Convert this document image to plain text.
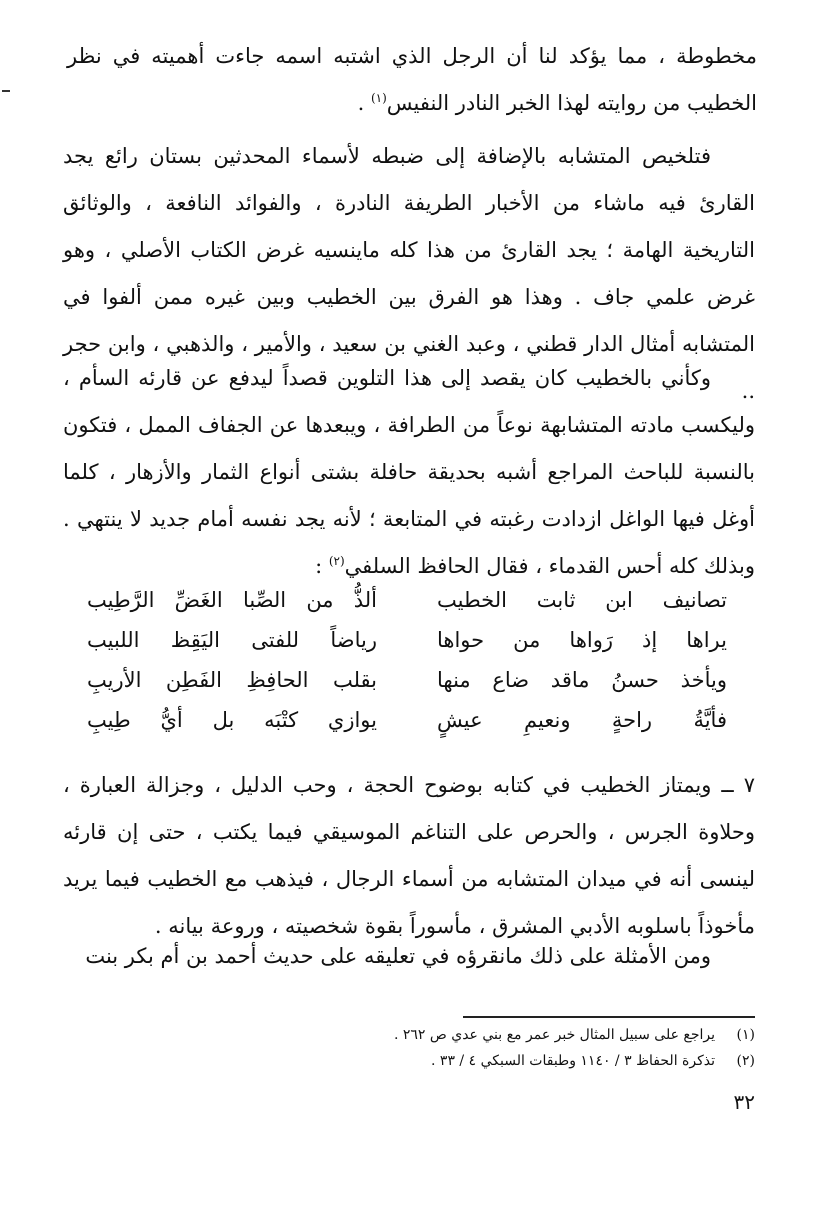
مخطوطة ، مما يؤكد لنا أن الرجل الذي اشتبه اسمه جاءت أهميته في نظر الخطيب من روايته لهذا الخبر النادر النفيس$^{(١)}$ .

فتلخيص المتشابه بالإضافة إلى ضبطه لأسماء المحدثين بستان رائع يجد القارئ فيه ماشاء من الأخبار الطريفة النادرة ، والفوائد النافعة ، والوثائق التاريخية الهامة ؛ يجد القارئ من هذا كله ماينسيه غرض الكتاب الأصلي ، وهو غرض علمي جاف . وهذا هو الفرق بين الخطيب وبين غيره ممن ألفوا في المتشابه أمثال الدار قطني ، وعبد الغني بن سعيد ، والأمير ، والذهبي ، وابن حجر ..

وكأني بالخطيب كان يقصد إلى هذا التلوين قصداً ليدفع عن قارئه السأم ، وليكسب مادته المتشابهة نوعاً من الطرافة ، ويبعدها عن الجفاف الممل ، فتكون بالنسبة للباحث المراجع أشبه بحديقة حافلة بشتى أنواع الثمار والأزهار ، كلما أوغل فيها الواغل ازدادت رغبته في المتابعة ؛ لأنه يجد نفسه أمام جديد لا ينتهي . وبذلك كله أحس القدماء ، فقال الحافظ السلفي$^{(٢)}$ :

تصانيف ابن ثابت الخطيب
ألذُّ من الصِّبا الغَضِّ الرَّطِيب
يراها إذ رَواها من حواها
رياضاً للفتى اليَقِظ اللبيب
ويأخذ حسنُ ماقد ضاع منها
بقلب الحافِظِ الفَطِن الأريبِ
فأيَّةُ راحةٍ ونعيمِ عيشٍ
يوازي كتْبَه بل أيُّ طِيبِ

٧ ــ ويمتاز الخطيب في كتابه بوضوح الحجة ، وحب الدليل ، وجزالة العبارة ، وحلاوة الجرس ، والحرص على التناغم الموسيقي فيما يكتب ، حتى إن قارئه لينسى أنه في ميدان المتشابه من أسماء الرجال ، فيذهب مع الخطيب فيما يريد مأخوذاً باسلوبه الأدبي المشرق ، مأسوراً بقوة شخصيته ، وروعة بيانه .

ومن الأمثلة على ذلك مانقرؤه في تعليقه على حديث أحمد بن أم بكر بنت

(١)
يراجع على سبيل المثال خبر عمر مع بني عدي ص ٢٦٢ .
(٢)
تذكرة الحفاظ ٣ / ١١٤٠ وطبقات السبكي ٤ / ٣٣ .
٣٢
